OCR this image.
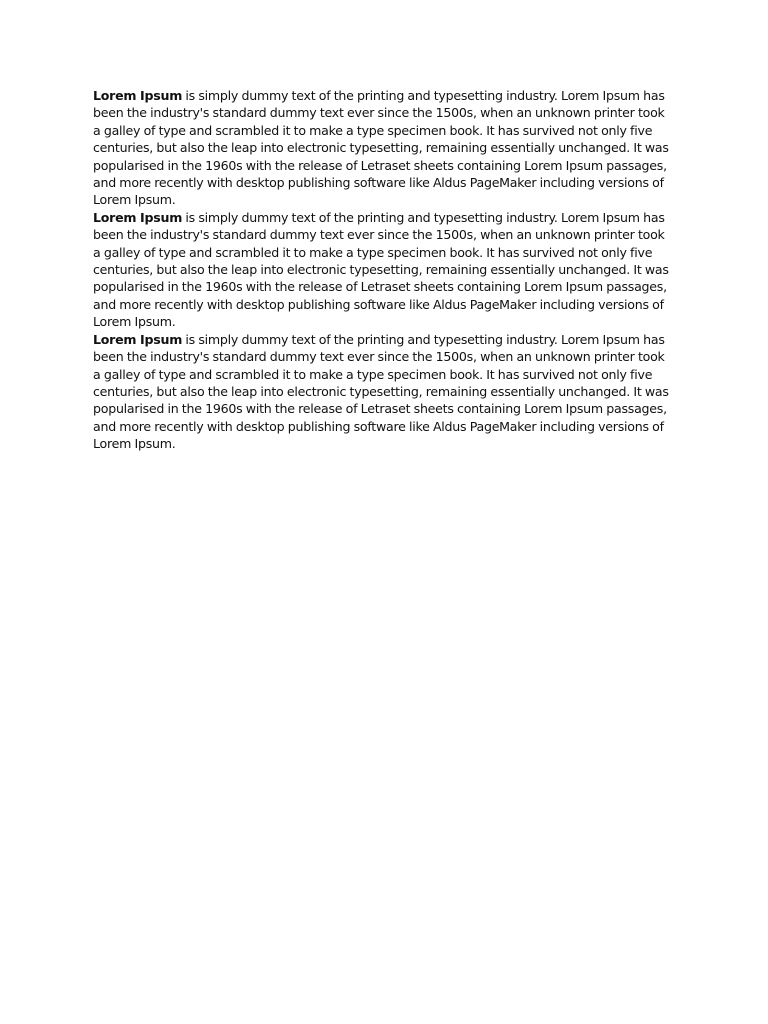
Lorem Ipsum is simply dummy text of the printing and typesetting industry. Lorem Ipsum has been the industry's standard dummy text ever since the 1500s, when an unknown printer took a galley of type and scrambled it to make a type specimen book. It has survived not only five centuries, but also the leap into electronic typesetting, remaining essentially unchanged. It was popularised in the 1960s with the release of Letraset sheets containing Lorem Ipsum passages, and more recently with desktop publishing software like Aldus PageMaker including versions of Lorem Ipsum.

Lorem Ipsum is simply dummy text of the printing and typesetting industry. Lorem Ipsum has been the industry's standard dummy text ever since the 1500s, when an unknown printer took a galley of type and scrambled it to make a type specimen book. It has survived not only five centuries, but also the leap into electronic typesetting, remaining essentially unchanged. It was popularised in the 1960s with the release of Letraset sheets containing Lorem Ipsum passages, and more recently with desktop publishing software like Aldus PageMaker including versions of Lorem Ipsum.

Lorem Ipsum is simply dummy text of the printing and typesetting industry. Lorem Ipsum has been the industry's standard dummy text ever since the 1500s, when an unknown printer took a galley of type and scrambled it to make a type specimen book. It has survived not only five centuries, but also the leap into electronic typesetting, remaining essentially unchanged. It was popularised in the 1960s with the release of Letraset sheets containing Lorem Ipsum passages, and more recently with desktop publishing software like Aldus PageMaker including versions of Lorem Ipsum.
